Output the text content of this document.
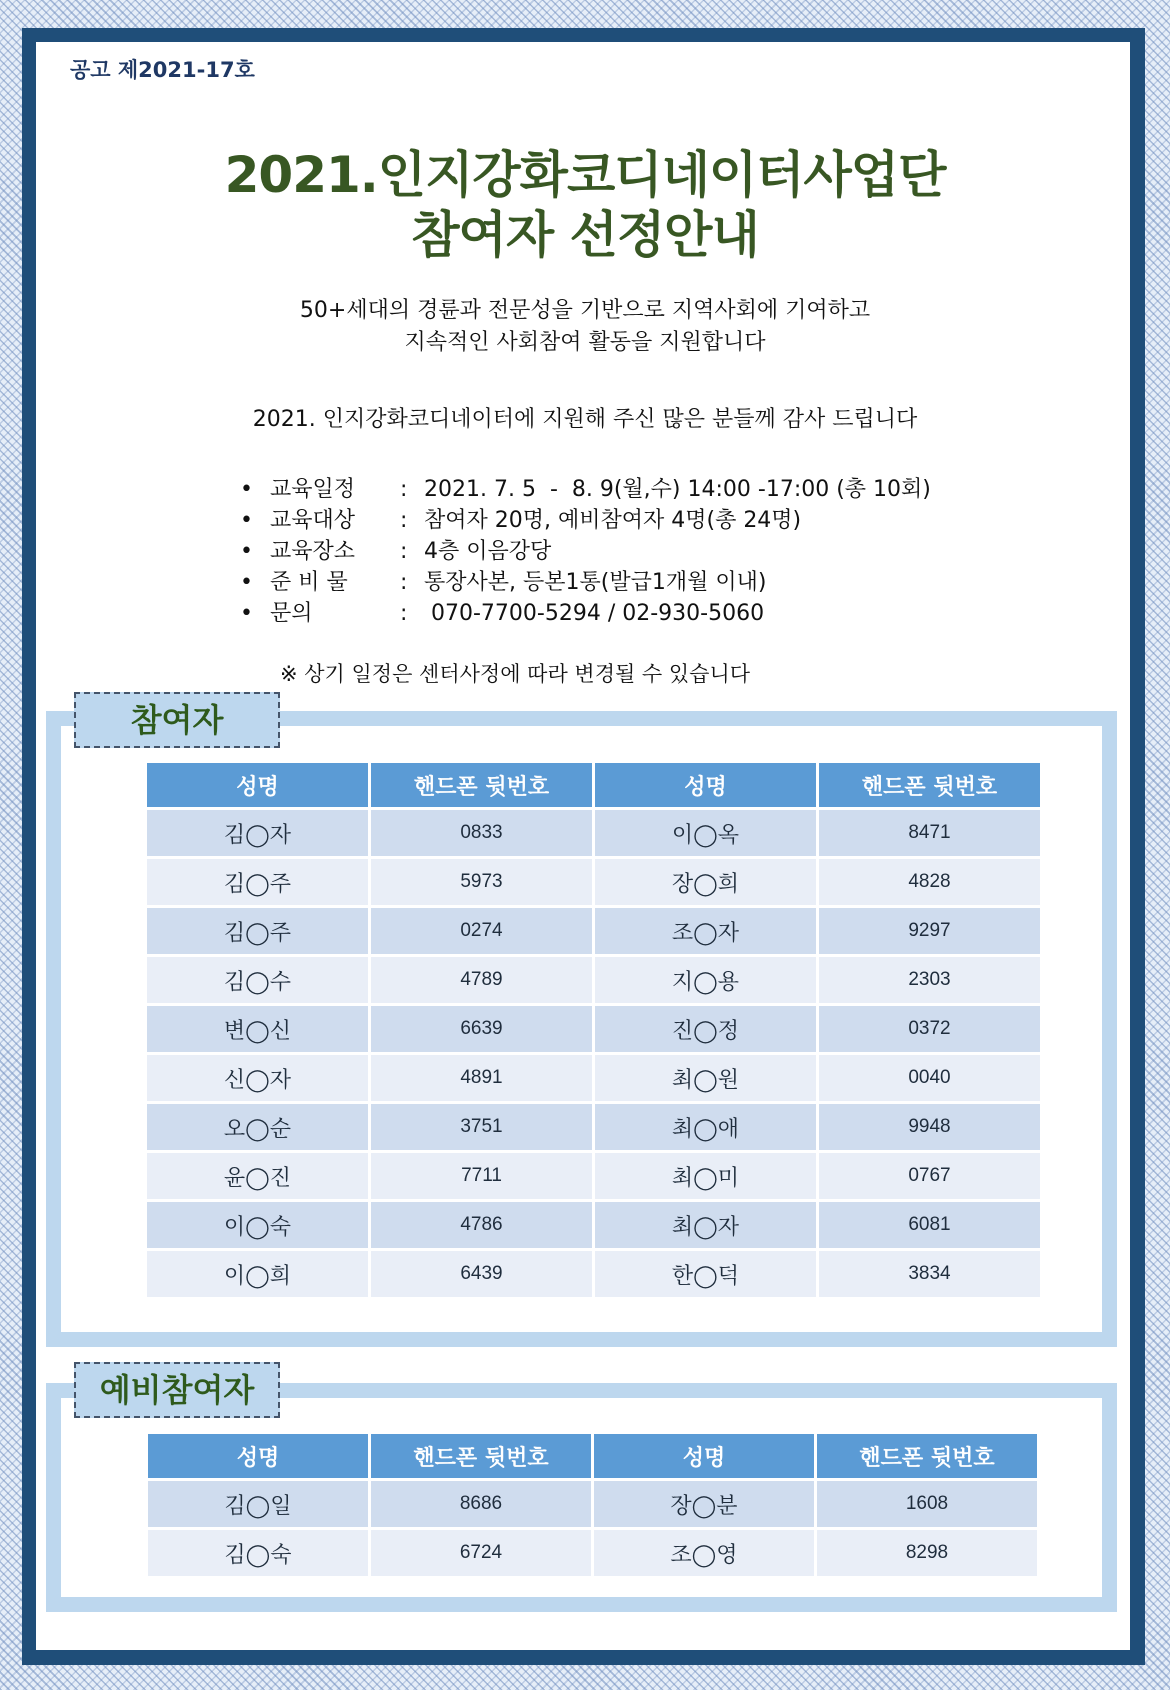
공고 제2021-17호
2021.인지강화코디네이터사업단
참여자 선정안내
50+세대의 경륜과 전문성을 기반으로 지역사회에 기여하고
지속적인 사회참여 활동을 지원합니다
2021. 인지강화코디네이터에 지원해 주신 많은 분들께 감사 드립니다
• 교육일정	: 2021. 7. 5  -  8. 9(월,수) 14:00 -17:00 (총 10회)
• 교육대상	: 참여자 20명, 예비참여자 4명(총 24명)
• 교육장소	: 4층 이음강당
• 준 비 물	: 통장사본, 등본1통(발급1개월 이내)
• 문의	: 070-7700-5294 / 02-930-5060
※ 상기 일정은 센터사정에 따라 변경될 수 있습니다
참여자
성명	핸드폰 뒷번호	성명	핸드폰 뒷번호
김◯자	0833	이◯옥	8471
김◯주	5973	장◯희	4828
김◯주	0274	조◯자	9297
김◯수	4789	지◯용	2303
변◯신	6639	진◯정	0372
신◯자	4891	최◯원	0040
오◯순	3751	최◯애	9948
윤◯진	7711	최◯미	0767
이◯숙	4786	최◯자	6081
이◯희	6439	한◯덕	3834
예비참여자
성명	핸드폰 뒷번호	성명	핸드폰 뒷번호
김◯일	8686	장◯분	1608
김◯숙	6724	조◯영	8298
